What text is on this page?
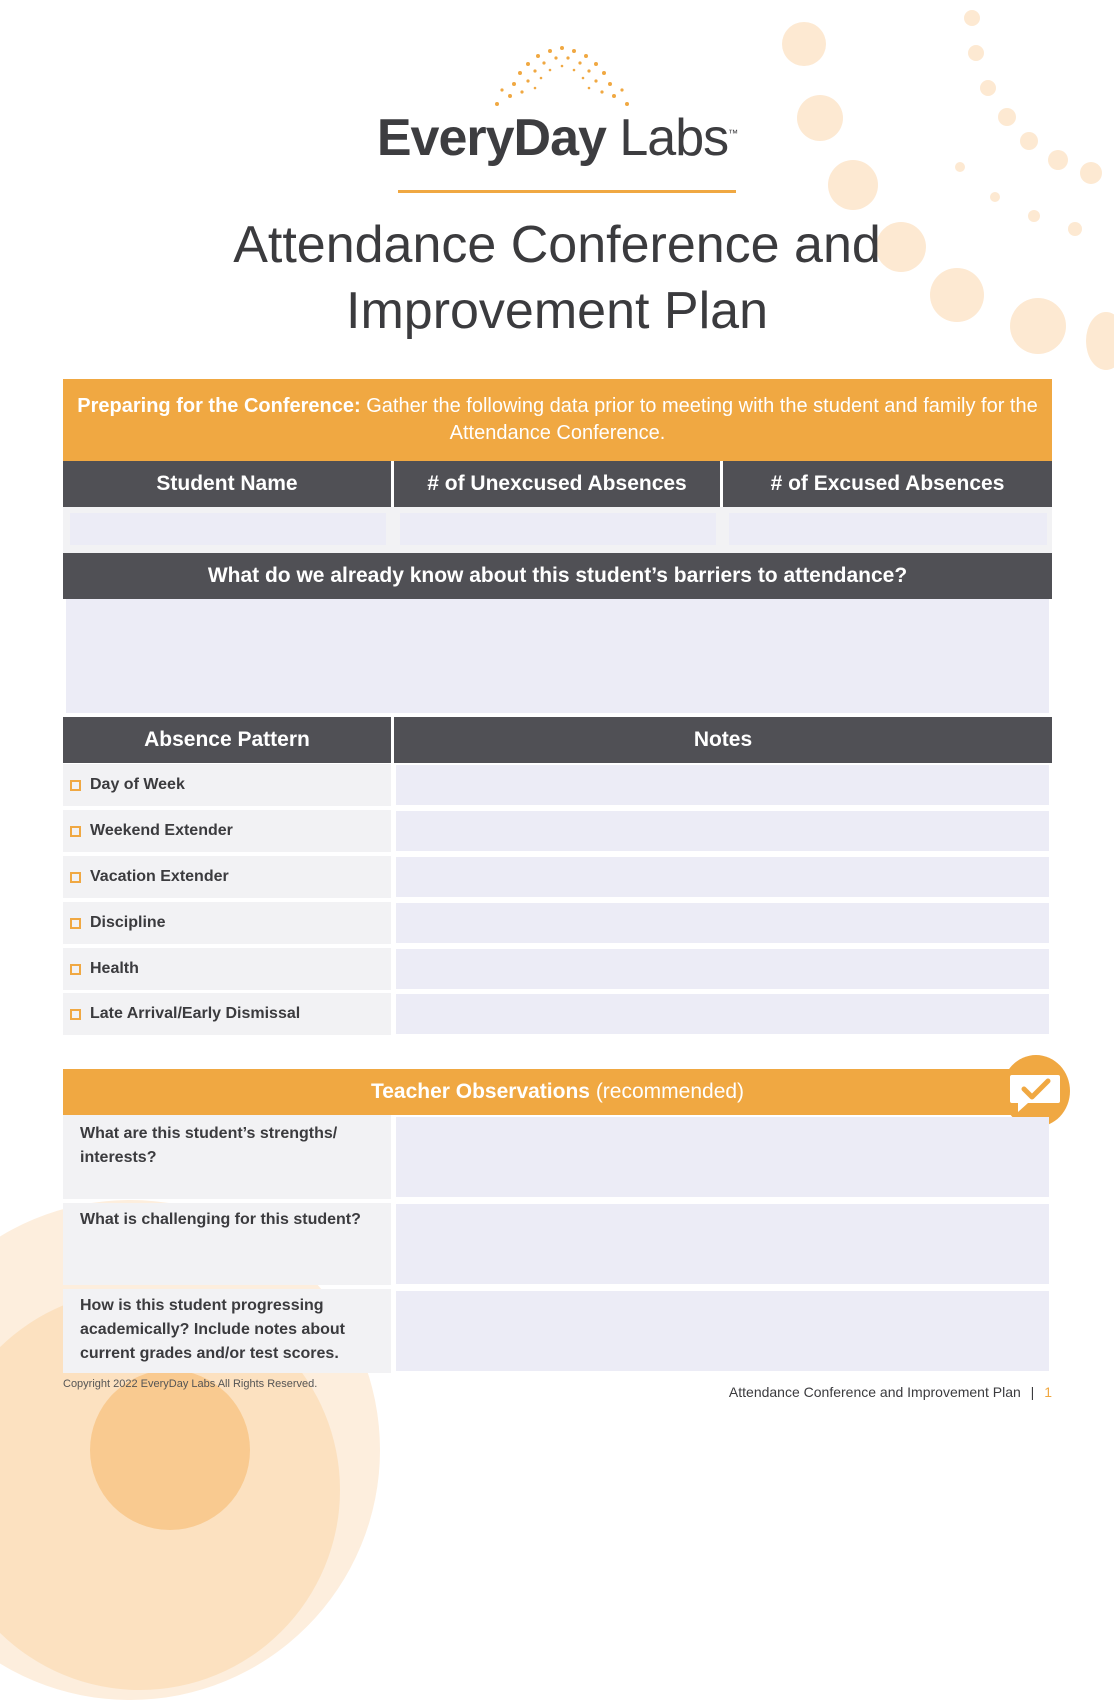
EveryDay Labs™
Attendance Conference and
Improvement Plan
Preparing for the Conference: Gather the following data prior to meeting with the student and family for the Attendance Conference.
Student Name	# of Unexcused Absences	# of Excused Absences
What do we already know about this student’s barriers to attendance?
Absence Pattern	Notes
Day of Week
Weekend Extender
Vacation Extender
Discipline
Health
Late Arrival/Early Dismissal
Teacher Observations (recommended)
What are this student’s strengths/ interests?
What is challenging for this student?
How is this student progressing academically? Include notes about current grades and/or test scores.
Copyright 2022 EveryDay Labs All Rights Reserved.	Attendance Conference and Improvement Plan | 1
